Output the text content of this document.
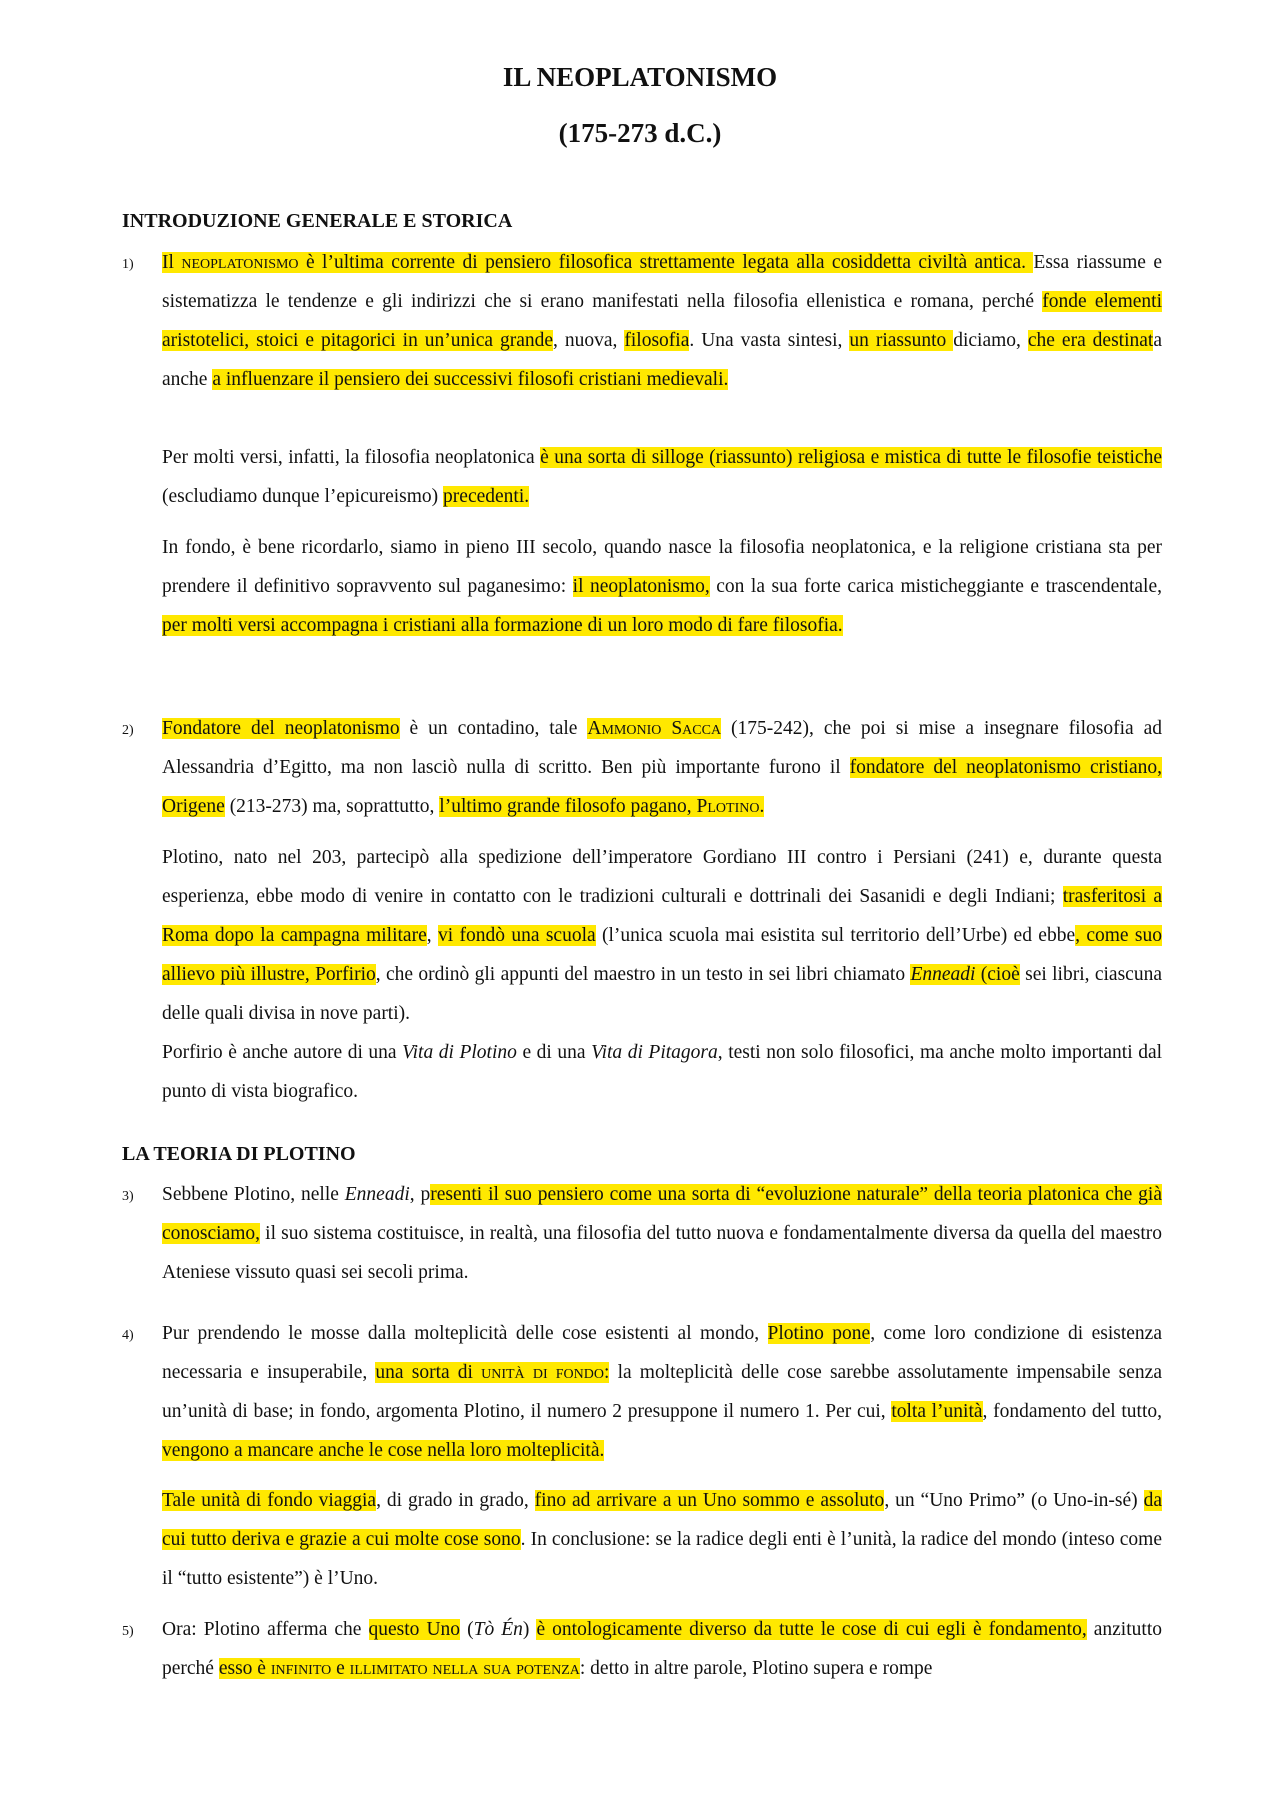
IL NEOPLATONISMO
(175-273 d.C.)
INTRODUZIONE GENERALE E STORICA
1)	Il neoplatonismo è l’ultima corrente di pensiero filosofica strettamente legata alla cosiddetta civiltà antica. Essa riassume e sistematizza le tendenze e gli indirizzi che si erano manifestati nella filosofia ellenistica e romana, perché fonde elementi aristotelici, stoici e pitagorici in un’unica grande, nuova, filosofia. Una vasta sintesi, un riassunto diciamo, che era destinata anche a influenzare il pensiero dei successivi filosofi cristiani medievali.
Per molti versi, infatti, la filosofia neoplatonica è una sorta di silloge (riassunto) religiosa e mistica di tutte le filosofie teistiche (escludiamo dunque l’epicureismo) precedenti.
In fondo, è bene ricordarlo, siamo in pieno III secolo, quando nasce la filosofia neoplatonica, e la religione cristiana sta per prendere il definitivo sopravvento sul paganesimo: il neoplatonismo, con la sua forte carica misticheggiante e trascendentale, per molti versi accompagna i cristiani alla formazione di un loro modo di fare filosofia.
2)	Fondatore del neoplatonismo è un contadino, tale Ammonio Sacca (175-242), che poi si mise a insegnare filosofia ad Alessandria d’Egitto, ma non lasciò nulla di scritto. Ben più importante furono il fondatore del neoplatonismo cristiano, Origene (213-273) ma, soprattutto, l’ultimo grande filosofo pagano, Plotino.
Plotino, nato nel 203, partecipò alla spedizione dell’imperatore Gordiano III contro i Persiani (241) e, durante questa esperienza, ebbe modo di venire in contatto con le tradizioni culturali e dottrinali dei Sasanidi e degli Indiani; trasferitosi a Roma dopo la campagna militare, vi fondò una scuola (l’unica scuola mai esistita sul territorio dell’Urbe) ed ebbe, come suo allievo più illustre, Porfirio, che ordinò gli appunti del maestro in un testo in sei libri chiamato Enneadi (cioè sei libri, ciascuna delle quali divisa in nove parti).
Porfirio è anche autore di una Vita di Plotino e di una Vita di Pitagora, testi non solo filosofici, ma anche molto importanti dal punto di vista biografico.
LA TEORIA DI PLOTINO
3)	Sebbene Plotino, nelle Enneadi, presenti il suo pensiero come una sorta di “evoluzione naturale” della teoria platonica che già conosciamo, il suo sistema costituisce, in realtà, una filosofia del tutto nuova e fondamentalmente diversa da quella del maestro Ateniese vissuto quasi sei secoli prima.
4)	Pur prendendo le mosse dalla molteplicità delle cose esistenti al mondo, Plotino pone, come loro condizione di esistenza necessaria e insuperabile, una sorta di unità di fondo: la molteplicità delle cose sarebbe assolutamente impensabile senza un’unità di base; in fondo, argomenta Plotino, il numero 2 presuppone il numero 1. Per cui, tolta l’unità, fondamento del tutto, vengono a mancare anche le cose nella loro molteplicità.
Tale unità di fondo viaggia, di grado in grado, fino ad arrivare a un Uno sommo e assoluto, un “Uno Primo” (o Uno-in-sé) da cui tutto deriva e grazie a cui molte cose sono. In conclusione: se la radice degli enti è l’unità, la radice del mondo (inteso come il “tutto esistente”) è l’Uno.
5)	Ora: Plotino afferma che questo Uno (Tò Én) è ontologicamente diverso da tutte le cose di cui egli è fondamento, anzitutto perché esso è infinito e illimitato nella sua potenza: detto in altre parole, Plotino supera e rompe
